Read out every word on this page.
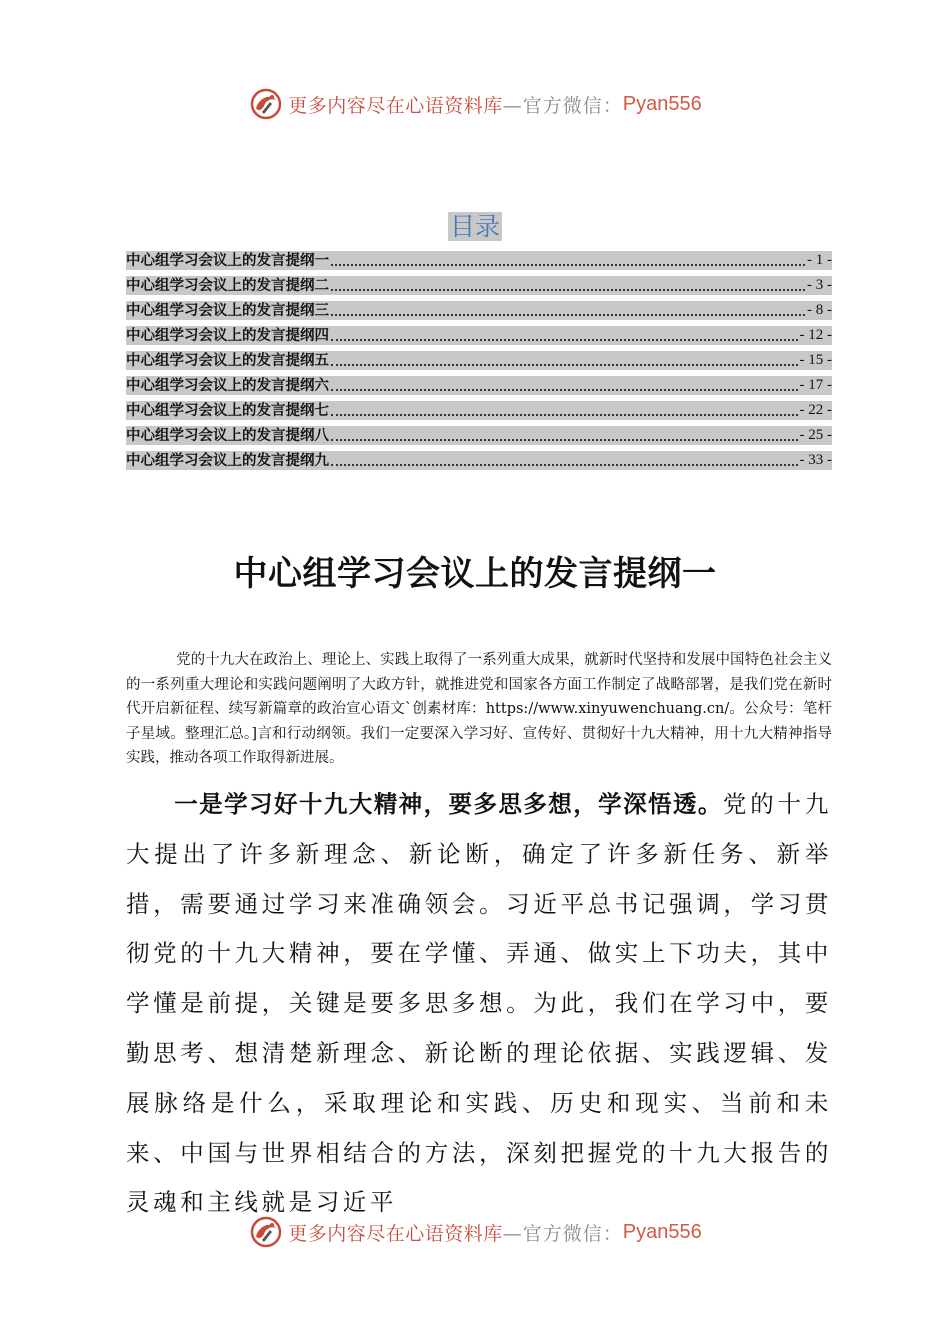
更多内容尽在心语资料库 —官方微信： Pyan556
目录
中心组学习会议上的发言提纲一	- 1 -
中心组学习会议上的发言提纲二	- 3 -
中心组学习会议上的发言提纲三	- 8 -
中心组学习会议上的发言提纲四	- 12 -
中心组学习会议上的发言提纲五	- 15 -
中心组学习会议上的发言提纲六	- 17 -
中心组学习会议上的发言提纲七	- 22 -
中心组学习会议上的发言提纲八	- 25 -
中心组学习会议上的发言提纲九	- 33 -
中心组学习会议上的发言提纲一
党的十九大在政治上、理论上、实践上取得了一系列重大成果，就新时代坚持和发展中国特色社会主义的一系列重大理论和实践问题阐明了大政方针，就推进党和国家各方面工作制定了战略部署，是我们党在新时代开启新征程、续写新篇章的政治宣心语文`创素材库：https://www.xinyuwenchuang.cn/。公众号：笔杆子星域。整理汇总。]言和行动纲领。我们一定要深入学习好、宣传好、贯彻好十九大精神，用十九大精神指导实践，推动各项工作取得新进展。
一是学习好十九大精神，要多思多想，学深悟透。党的十九大提出了许多新理念、新论断，确定了许多新任务、新举措，需要通过学习来准确领会。习近平总书记强调，学习贯彻党的十九大精神，要在学懂、弄通、做实上下功夫，其中学懂是前提，关键是要多思多想。为此，我们在学习中，要勤思考、想清楚新理念、新论断的理论依据、实践逻辑、发展脉络是什么，采取理论和实践、历史和现实、当前和未来、中国与世界相结合的方法，深刻把握党的十九大报告的灵魂和主线就是习近平
更多内容尽在心语资料库 —官方微信： Pyan556
